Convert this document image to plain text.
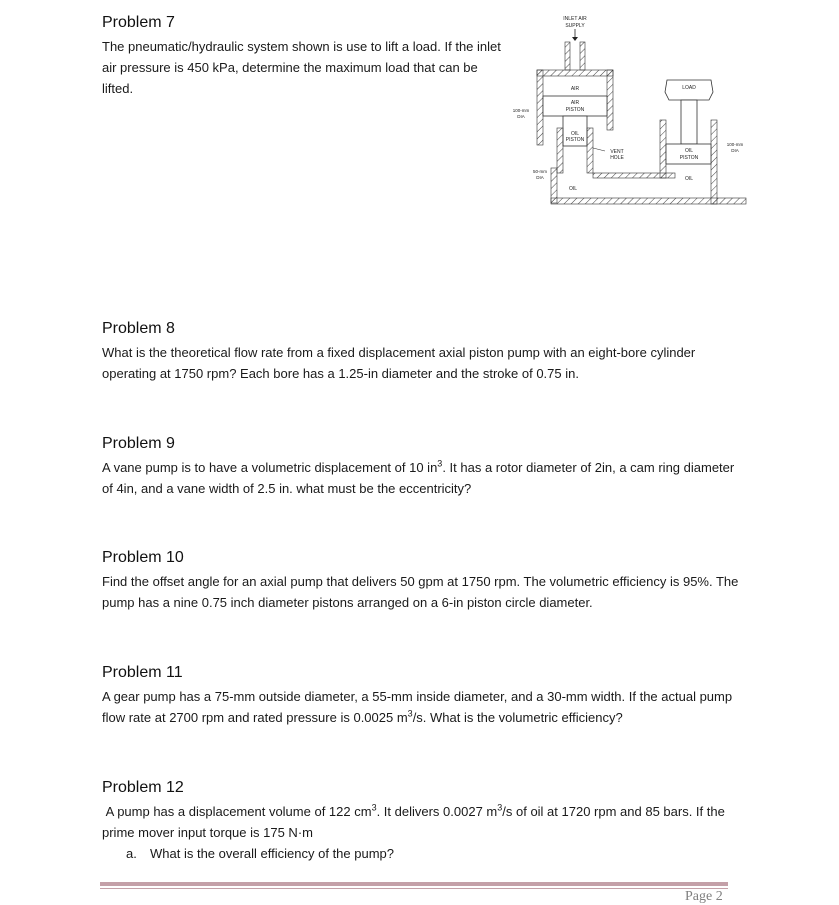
Problem 7

The pneumatic/hydraulic system shown is use to lift a load. If the inlet air pressure is 450 kPa, determine the maximum load that can be lifted.

INLET AIR
SUPPLY
AIR
AIR
PISTON
100-mm
DIA
OIL
PISTON
50-mm
DIA
VENT
HOLE
OIL
LOAD
OIL
PISTON
OIL
100-mm
DIA
Problem 8

What is the theoretical flow rate from a fixed displacement axial piston pump with an eight-bore cylinder operating at 1750 rpm? Each bore has a 1.25-in diameter and the stroke of 0.75 in.

Problem 9

A vane pump is to have a volumetric displacement of 10 $in^3$. It has a rotor diameter of 2in, a cam ring diameter of 4in, and a vane width of 2.5 in. what must be the eccentricity?

Problem 10

Find the offset angle for an axial pump that delivers 50 gpm at 1750 rpm. The volumetric efficiency is 95%. The pump has a nine 0.75 inch diameter pistons arranged on a 6-in piston circle diameter.

Problem 11

A gear pump has a 75-mm outside diameter, a 55-mm inside diameter, and a 30-mm width. If the actual pump flow rate at 2700 rpm and rated pressure is 0.0025 $m^3/s$. What is the volumetric efficiency?

Problem 12

A pump has a displacement volume of 122 $cm^3$. It delivers 0.0027 $m^3/s$ of oil at 1720 rpm and 85 bars. If the prime mover input torque is 175 N·m

a.	What is the overall efficiency of the pump?
Page 2
